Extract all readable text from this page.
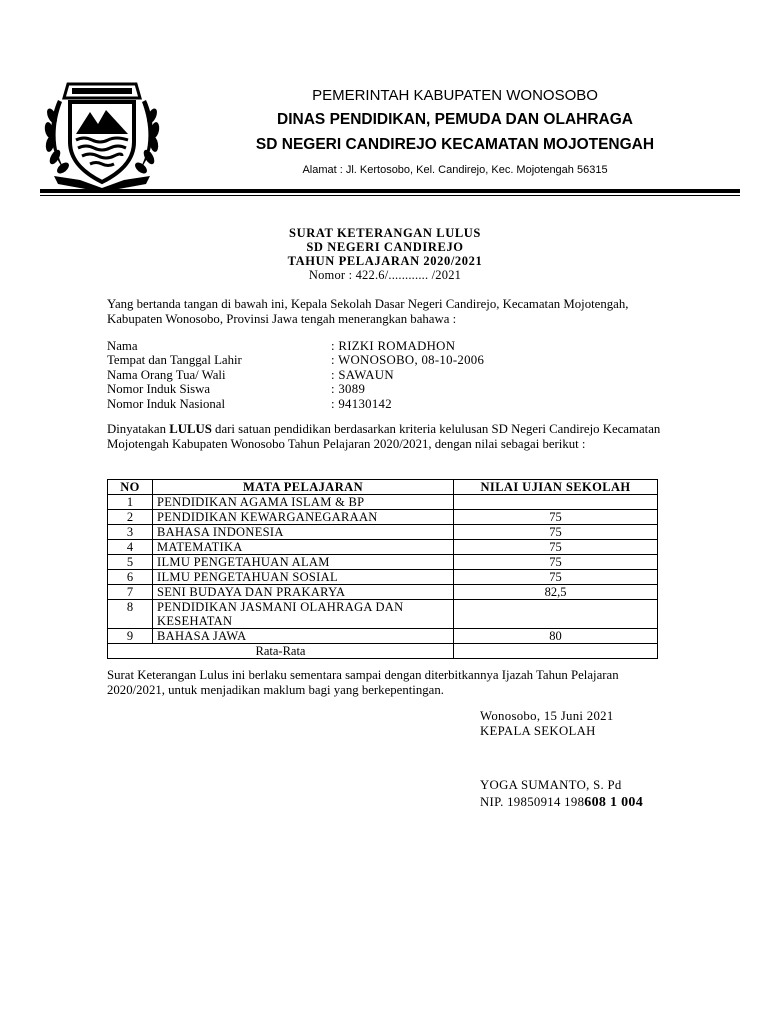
PEMERINTAH KABUPATEN WONOSOBO
DINAS PENDIDIKAN, PEMUDA DAN OLAHRAGA
SD NEGERI CANDIREJO KECAMATAN MOJOTENGAH
Alamat : Jl. Kertosobo, Kel. Candirejo, Kec. Mojotengah 56315
SURAT KETERANGAN LULUS
SD NEGERI CANDIREJO
TAHUN PELAJARAN 2020/2021
Nomor : 422.6/............ /2021
Yang bertanda tangan di bawah ini, Kepala Sekolah Dasar Negeri Candirejo, Kecamatan Mojotengah, Kabupaten Wonosobo, Provinsi Jawa tengah menerangkan bahawa :
Nama	: RIZKI ROMADHON
Tempat dan Tanggal Lahir	: WONOSOBO, 08-10-2006
Nama Orang Tua/ Wali	: SAWAUN
Nomor Induk Siswa	: 3089
Nomor Induk Nasional	: 94130142
Dinyatakan LULUS dari satuan pendidikan berdasarkan kriteria kelulusan SD Negeri Candirejo Kecamatan Mojotengah Kabupaten Wonosobo Tahun Pelajaran 2020/2021, dengan nilai sebagai berikut :
NO	MATA PELAJARAN	NILAI UJIAN SEKOLAH
1	PENDIDIKAN AGAMA ISLAM & BP	
2	PENDIDIKAN KEWARGANEGARAAN	75
3	BAHASA INDONESIA	75
4	MATEMATIKA	75
5	ILMU PENGETAHUAN ALAM	75
6	ILMU PENGETAHUAN SOSIAL	75
7	SENI BUDAYA DAN PRAKARYA	82,5
8	PENDIDIKAN JASMANI OLAHRAGA DAN KESEHATAN	
9	BAHASA JAWA	80
Rata-Rata		
Surat Keterangan Lulus ini berlaku sementara sampai dengan diterbitkannya Ijazah Tahun Pelajaran 2020/2021, untuk menjadikan maklum bagi yang berkepentingan.
Wonosobo, 15 Juni 2021
KEPALA SEKOLAH
YOGA SUMANTO, S. Pd
NIP. 19850914 198608 1 004
